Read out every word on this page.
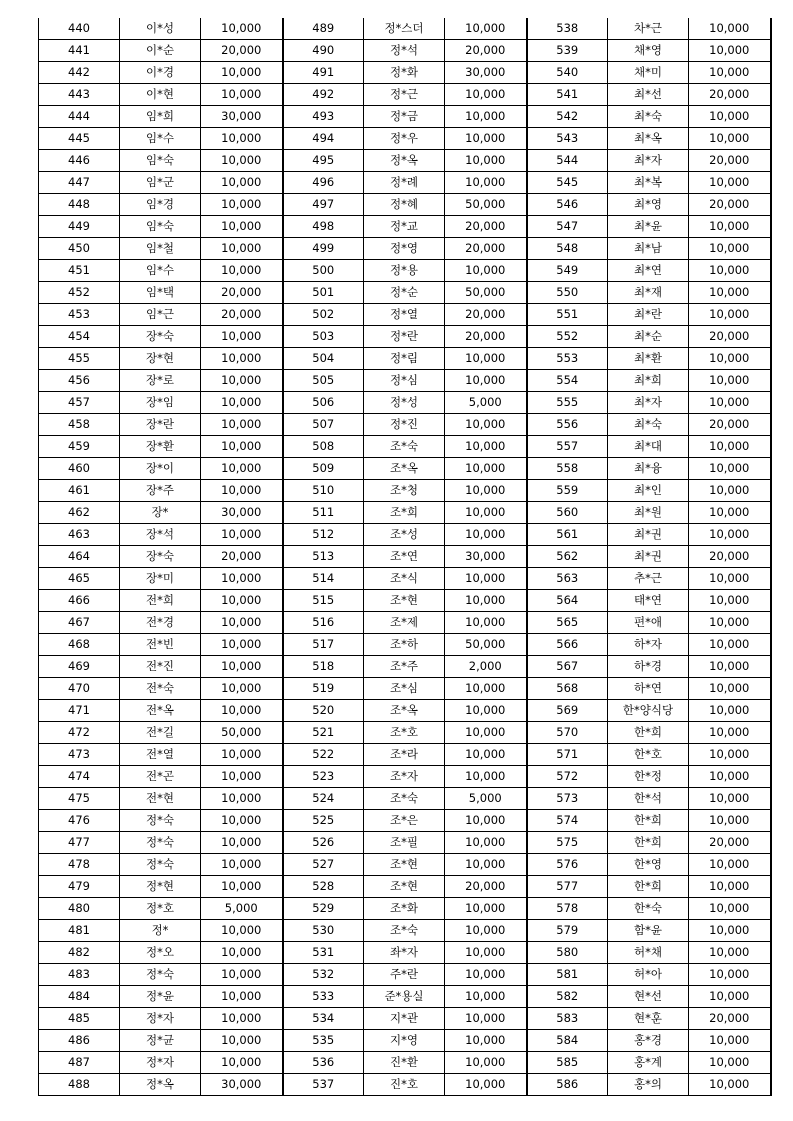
440	이*성	10,000	489	정*스더	10,000	538	차*근	10,000
441	이*순	20,000	490	정*석	20,000	539	채*영	10,000
442	이*경	10,000	491	정*화	30,000	540	채*미	10,000
443	이*현	10,000	492	정*근	10,000	541	최*선	20,000
444	임*희	30,000	493	정*금	10,000	542	최*숙	10,000
445	임*수	10,000	494	정*우	10,000	543	최*옥	10,000
446	임*숙	10,000	495	정*옥	10,000	544	최*자	20,000
447	임*군	10,000	496	정*례	10,000	545	최*복	10,000
448	임*경	10,000	497	정*혜	50,000	546	최*영	20,000
449	임*숙	10,000	498	정*교	20,000	547	최*윤	10,000
450	임*철	10,000	499	정*영	20,000	548	최*남	10,000
451	임*수	10,000	500	정*용	10,000	549	최*연	10,000
452	임*택	20,000	501	정*순	50,000	550	최*재	10,000
453	임*근	20,000	502	정*열	20,000	551	최*란	10,000
454	장*숙	10,000	503	정*란	20,000	552	최*순	20,000
455	장*현	10,000	504	정*림	10,000	553	최*환	10,000
456	장*로	10,000	505	정*심	10,000	554	최*희	10,000
457	장*임	10,000	506	정*성	5,000	555	최*자	10,000
458	장*란	10,000	507	정*진	10,000	556	최*숙	20,000
459	장*환	10,000	508	조*숙	10,000	557	최*대	10,000
460	장*이	10,000	509	조*옥	10,000	558	최*융	10,000
461	장*주	10,000	510	조*청	10,000	559	최*인	10,000
462	장*	30,000	511	조*희	10,000	560	최*원	10,000
463	장*석	10,000	512	조*성	10,000	561	최*권	10,000
464	장*숙	20,000	513	조*연	30,000	562	최*권	20,000
465	장*미	10,000	514	조*식	10,000	563	추*근	10,000
466	전*희	10,000	515	조*현	10,000	564	태*연	10,000
467	전*경	10,000	516	조*제	10,000	565	편*애	10,000
468	전*빈	10,000	517	조*하	50,000	566	하*자	10,000
469	전*진	10,000	518	조*주	2,000	567	하*경	10,000
470	전*숙	10,000	519	조*심	10,000	568	하*연	10,000
471	전*옥	10,000	520	조*옥	10,000	569	한*양식당	10,000
472	전*길	50,000	521	조*호	10,000	570	한*희	10,000
473	전*열	10,000	522	조*라	10,000	571	한*호	10,000
474	전*곤	10,000	523	조*자	10,000	572	한*정	10,000
475	전*현	10,000	524	조*숙	5,000	573	한*석	10,000
476	정*숙	10,000	525	조*은	10,000	574	한*희	10,000
477	정*숙	10,000	526	조*필	10,000	575	한*희	20,000
478	정*숙	10,000	527	조*현	10,000	576	한*영	10,000
479	정*현	10,000	528	조*현	20,000	577	한*희	10,000
480	정*호	5,000	529	조*화	10,000	578	한*숙	10,000
481	정*	10,000	530	조*숙	10,000	579	함*윤	10,000
482	정*오	10,000	531	좌*자	10,000	580	허*채	10,000
483	정*숙	10,000	532	주*란	10,000	581	허*아	10,000
484	정*윤	10,000	533	준*용실	10,000	582	현*선	10,000
485	정*자	10,000	534	지*관	10,000	583	현*훈	20,000
486	정*균	10,000	535	지*영	10,000	584	홍*경	10,000
487	정*자	10,000	536	진*환	10,000	585	홍*계	10,000
488	정*옥	30,000	537	진*호	10,000	586	홍*의	10,000
